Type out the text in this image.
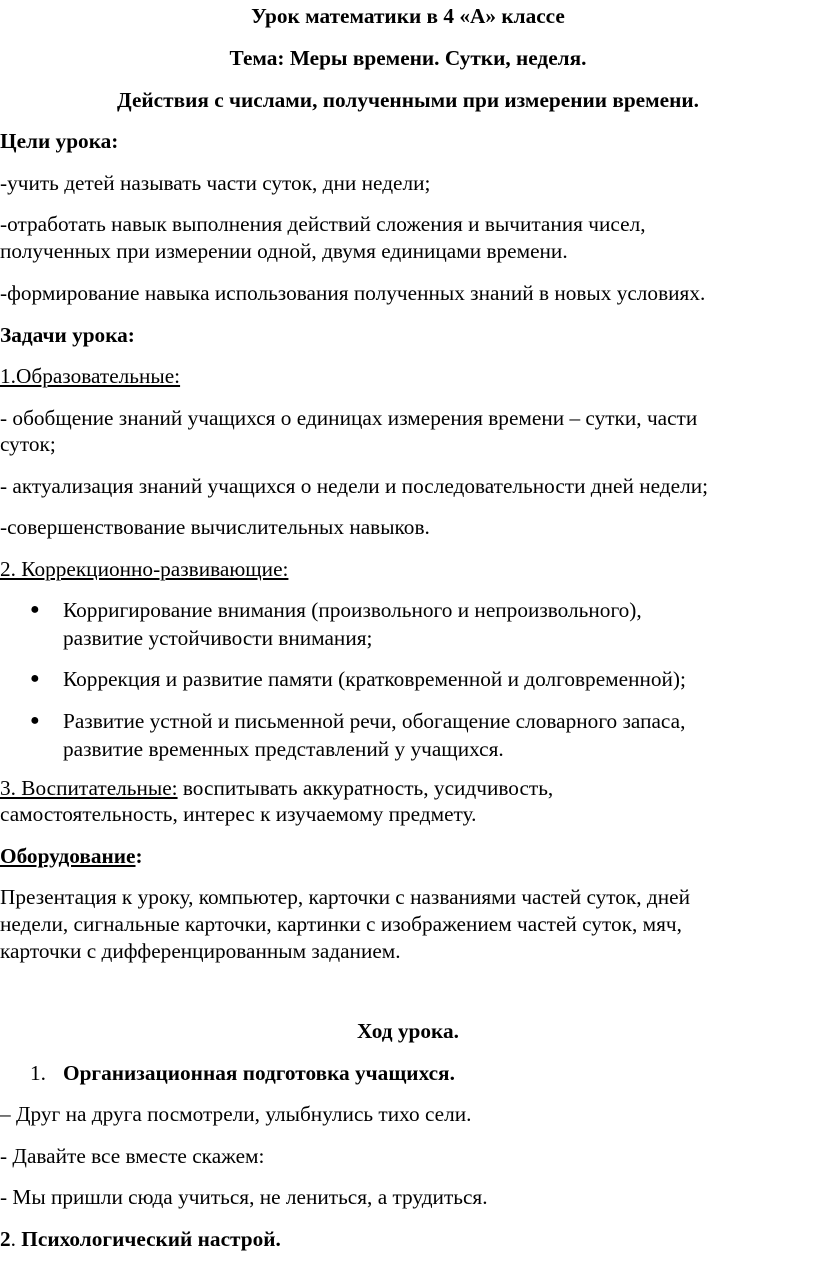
Урок математики в 4 «А» классе

Тема: Меры времени. Сутки, неделя.

Действия с числами, полученными при измерении времени.

Цели урока:

-учить детей называть части суток, дни недели;

-отработать навык выполнения действий сложения и вычитания чисел,

полученных при измерении одной, двумя единицами времени.

-формирование навыка использования полученных знаний в новых условиях.

Задачи урока:

1.Образовательные:

- обобщение знаний учащихся о единицах измерения времени – сутки, части

суток;

- актуализация знаний учащихся о недели и последовательности дней недели;

-совершенствование вычислительных навыков.

2. Коррекционно-развивающие:

● Корригирование внимания (произвольного и непроизвольного),
развитие устойчивости внимания;
● Коррекция и развитие памяти (кратковременной и долговременной);
● Развитие устной и письменной речи, обогащение словарного запаса,
развитие временных представлений у учащихся.

3. Воспитательные: воспитывать аккуратность, усидчивость,

самостоятельность, интерес к изучаемому предмету.

Оборудование:

Презентация к уроку, компьютер, карточки с названиями частей суток, дней

недели, сигнальные карточки, картинки с изображением частей суток, мяч,

карточки с дифференцированным заданием.

Ход урока.

1. Организационная подготовка учащихся.

– Друг на друга посмотрели, улыбнулись тихо сели.

- Давайте все вместе скажем:

- Мы пришли сюда учиться, не лениться, а трудиться.

2. Психологический настрой.
